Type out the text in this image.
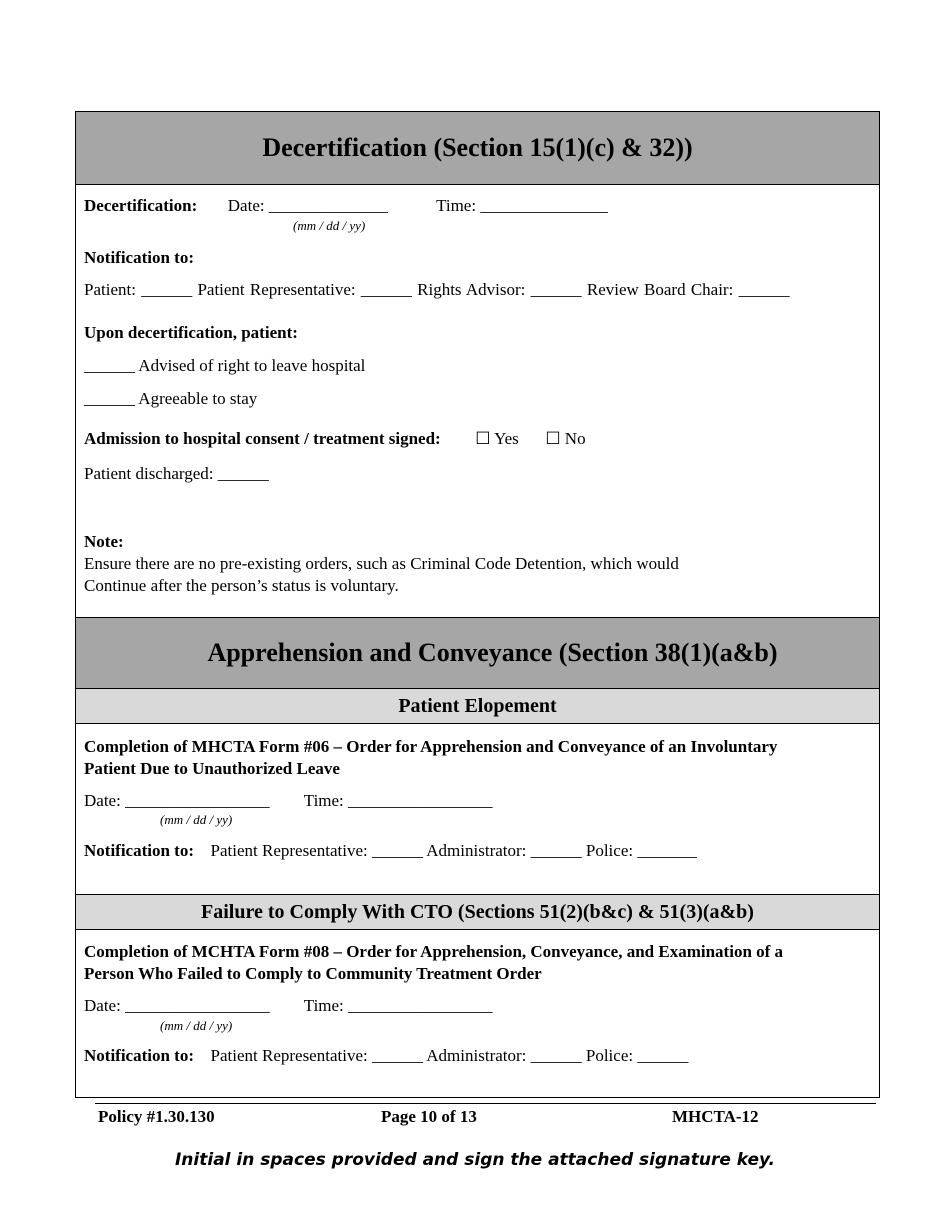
Decertification (Section 15(1)(c) & 32))
Decertification: Date: ______________	Time: _______________
(mm / dd / yy)
Notification to:
Patient: ______ Patient Representative: ______ Rights Advisor: ______ Review Board Chair: ______
Upon decertification, patient:
______ Advised of right to leave hospital
______ Agreeable to stay
Admission to hospital consent / treatment signed: ☐ Yes ☐ No
Patient discharged: ______
Note:
Ensure there are no pre-existing orders, such as Criminal Code Detention, which would
Continue after the person’s status is voluntary.
Apprehension and Conveyance (Section 38(1)(a&b)
Patient Elopement
Completion of MHCTA Form #06 – Order for Apprehension and Conveyance of an Involuntary
Patient Due to Unauthorized Leave
Date: _________________ Time: _________________
(mm / dd / yy)
Notification to: Patient Representative: ______ Administrator: ______ Police: _______
Failure to Comply With CTO (Sections 51(2)(b&c) & 51(3)(a&b)
Completion of MCHTA Form #08 – Order for Apprehension, Conveyance, and Examination of a
Person Who Failed to Comply to Community Treatment Order
Date: _________________ Time: _________________
(mm / dd / yy)
Notification to: Patient Representative: ______ Administrator: ______ Police: ______
Policy #1.30.130	Page 10 of 13	MHCTA-12
Initial in spaces provided and sign the attached signature key.
